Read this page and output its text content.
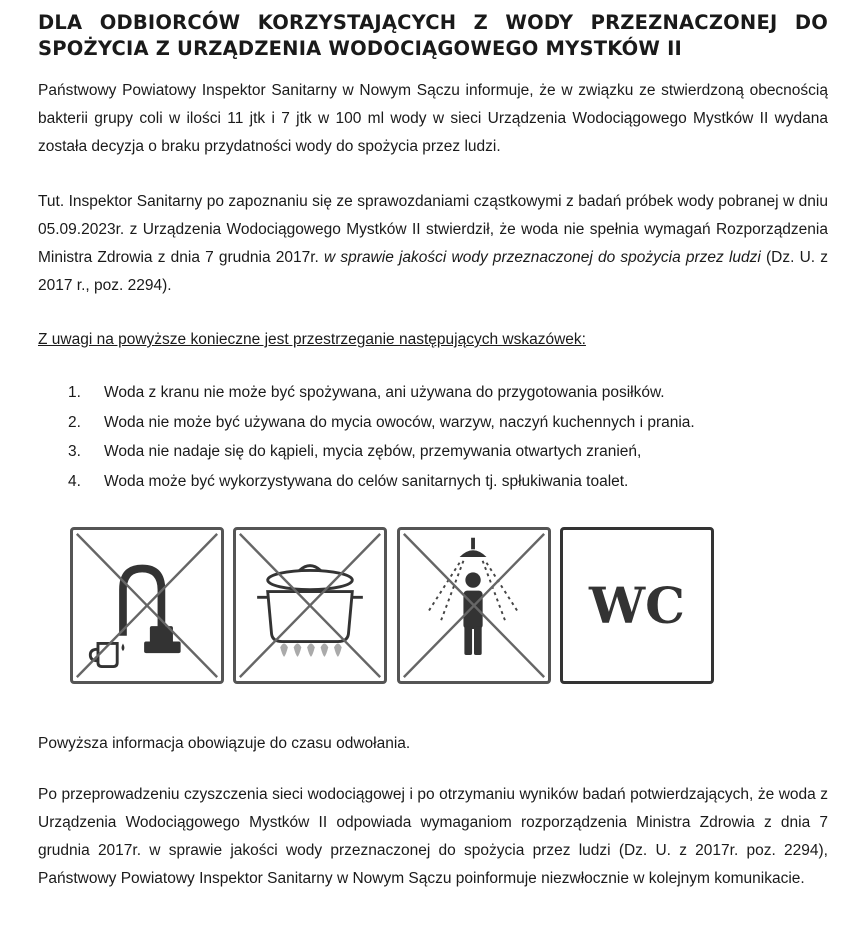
DLA ODBIORCÓW KORZYSTAJĄCYCH Z WODY PRZEZNACZONEJ DO SPOŻYCIA Z URZĄDZENIA WODOCIĄGOWEGO MYSTKÓW II

Państwowy Powiatowy Inspektor Sanitarny w Nowym Sączu informuje, że w związku ze stwierdzoną obecnością bakterii grupy coli w ilości 11 jtk i 7 jtk w 100 ml wody w sieci Urządzenia Wodociągowego Mystków II wydana została decyzja o braku przydatności wody do spożycia przez ludzi.

Tut. Inspektor Sanitarny po zapoznaniu się ze sprawozdaniami cząstkowymi z badań próbek wody pobranej w dniu 05.09.2023r. z Urządzenia Wodociągowego Mystków II stwierdził, że woda nie spełnia wymagań Rozporządzenia Ministra Zdrowia z dnia 7 grudnia 2017r. w sprawie jakości wody przeznaczonej do spożycia przez ludzi (Dz. U. z 2017 r., poz. 2294).

Z uwagi na powyższe konieczne jest przestrzeganie następujących wskazówek:

1.	Woda z kranu nie może być spożywana, ani używana do przygotowania posiłków.
2.	Woda nie może być używana do mycia owoców, warzyw, naczyń kuchennych i prania.
3.	Woda nie nadaje się do kąpieli, mycia zębów, przemywania otwartych zranień,
4.	Woda może być wykorzystywana do celów sanitarnych tj. spłukiwania toalet.
WC

Powyższa informacja obowiązuje do czasu odwołania.

Po przeprowadzeniu czyszczenia sieci wodociągowej i po otrzymaniu wyników badań potwierdzających, że woda z Urządzenia Wodociągowego Mystków II odpowiada wymaganiom rozporządzenia Ministra Zdrowia z dnia 7 grudnia 2017r. w sprawie jakości wody przeznaczonej do spożycia przez ludzi (Dz. U. z 2017r. poz. 2294), Państwowy Powiatowy Inspektor Sanitarny w Nowym Sączu poinformuje niezwłocznie w kolejnym komunikacie.
